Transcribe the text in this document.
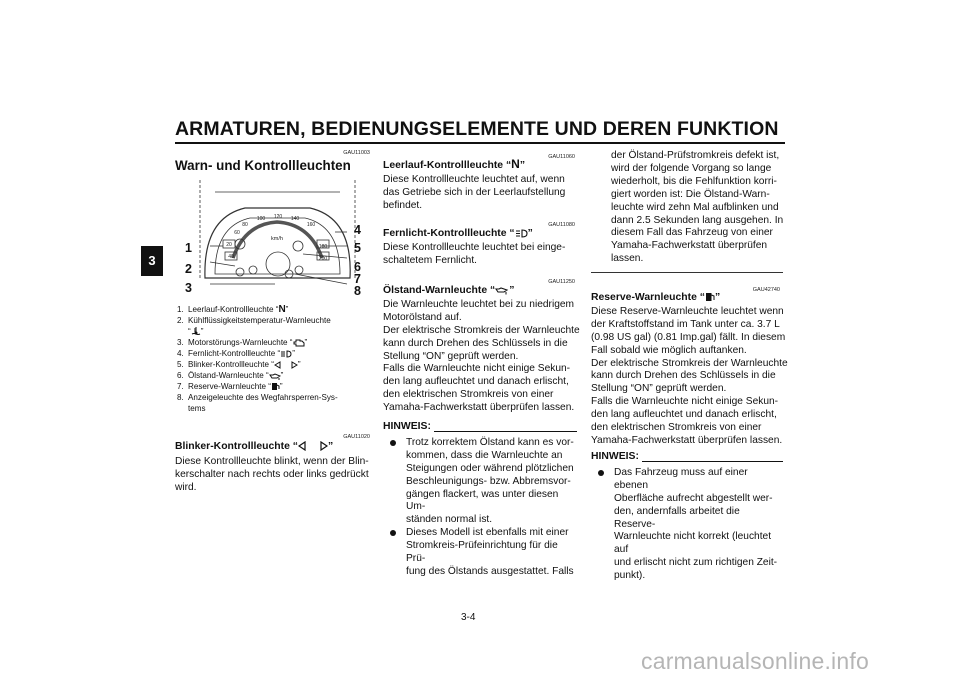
ARMATUREN, BEDIENUNGSELEMENTE UND DEREN FUNKTION
3
GAU11003
Warn- und Kontrollleuchten
80
100 120 140
160
180
200
20
40
60
km/h
1
2
3
4
5
6
7
8
1. Leerlauf-Kontrollleuchte “N”
2. Kühlflüssigkeitstemperatur-Warnleuchte
“ ”
3. Motorstörungs-Warnleuchte “ ”
4. Fernlicht-Kontrollleuchte “ ”
5. Blinker-Kontrollleuchte “	”
6. Ölstand-Warnleuchte “ ”
7. Reserve-Warnleuchte “ ”
8. Anzeigeleuchte des Wegfahrsperren-Sys-
tems
GAU11020
Blinker-Kontrollleuchte “	”
Diese Kontrollleuchte blinkt, wenn der Blin-
kerschalter nach rechts oder links gedrückt
wird.
GAU11060
Leerlauf-Kontrollleuchte “N”
Diese Kontrollleuchte leuchtet auf, wenn
das Getriebe sich in der Leerlaufstellung
befindet.
GAU11080
Fernlicht-Kontrollleuchte “ ”
Diese Kontrollleuchte leuchtet bei einge-
schaltetem Fernlicht.
GAU11250
Ölstand-Warnleuchte “ ”
Die Warnleuchte leuchtet bei zu niedrigem
Motorölstand auf.
Der elektrische Stromkreis der Warnleuchte
kann durch Drehen des Schlüssels in die
Stellung “ON” geprüft werden.
Falls die Warnleuchte nicht einige Sekun-
den lang aufleuchtet und danach erlischt,
den elektrischen Stromkreis von einer
Yamaha-Fachwerkstatt überprüfen lassen.
HINWEIS:
Trotz korrektem Ölstand kann es vor-
kommen, dass die Warnleuchte an
Steigungen oder während plötzlichen
Beschleunigungs- bzw. Abbremsvor-
gängen flackert, was unter diesen Um-
ständen normal ist.
Dieses Modell ist ebenfalls mit einer
Stromkreis-Prüfeinrichtung für die Prü-
fung des Ölstands ausgestattet. Falls
der Ölstand-Prüfstromkreis defekt ist,
wird der folgende Vorgang so lange
wiederholt, bis die Fehlfunktion korri-
giert worden ist: Die Ölstand-Warn-
leuchte wird zehn Mal aufblinken und
dann 2.5 Sekunden lang ausgehen. In
diesem Fall das Fahrzeug von einer
Yamaha-Fachwerkstatt überprüfen
lassen.
GAU42740
Reserve-Warnleuchte “ ”
Diese Reserve-Warnleuchte leuchtet wenn
der Kraftstoffstand im Tank unter ca. 3.7 L
(0.98 US gal) (0.81 Imp.gal) fällt. In diesem
Fall sobald wie möglich auftanken.
Der elektrische Stromkreis der Warnleuchte
kann durch Drehen des Schlüssels in die
Stellung “ON” geprüft werden.
Falls die Warnleuchte nicht einige Sekun-
den lang aufleuchtet und danach erlischt,
den elektrischen Stromkreis von einer
Yamaha-Fachwerkstatt überprüfen lassen.
HINWEIS:
Das Fahrzeug muss auf einer ebenen
Oberfläche aufrecht abgestellt wer-
den, andernfalls arbeitet die Reserve-
Warnleuchte nicht korrekt (leuchtet auf
und erlischt nicht zum richtigen Zeit-
punkt).
3-4
carmanualsonline.info
